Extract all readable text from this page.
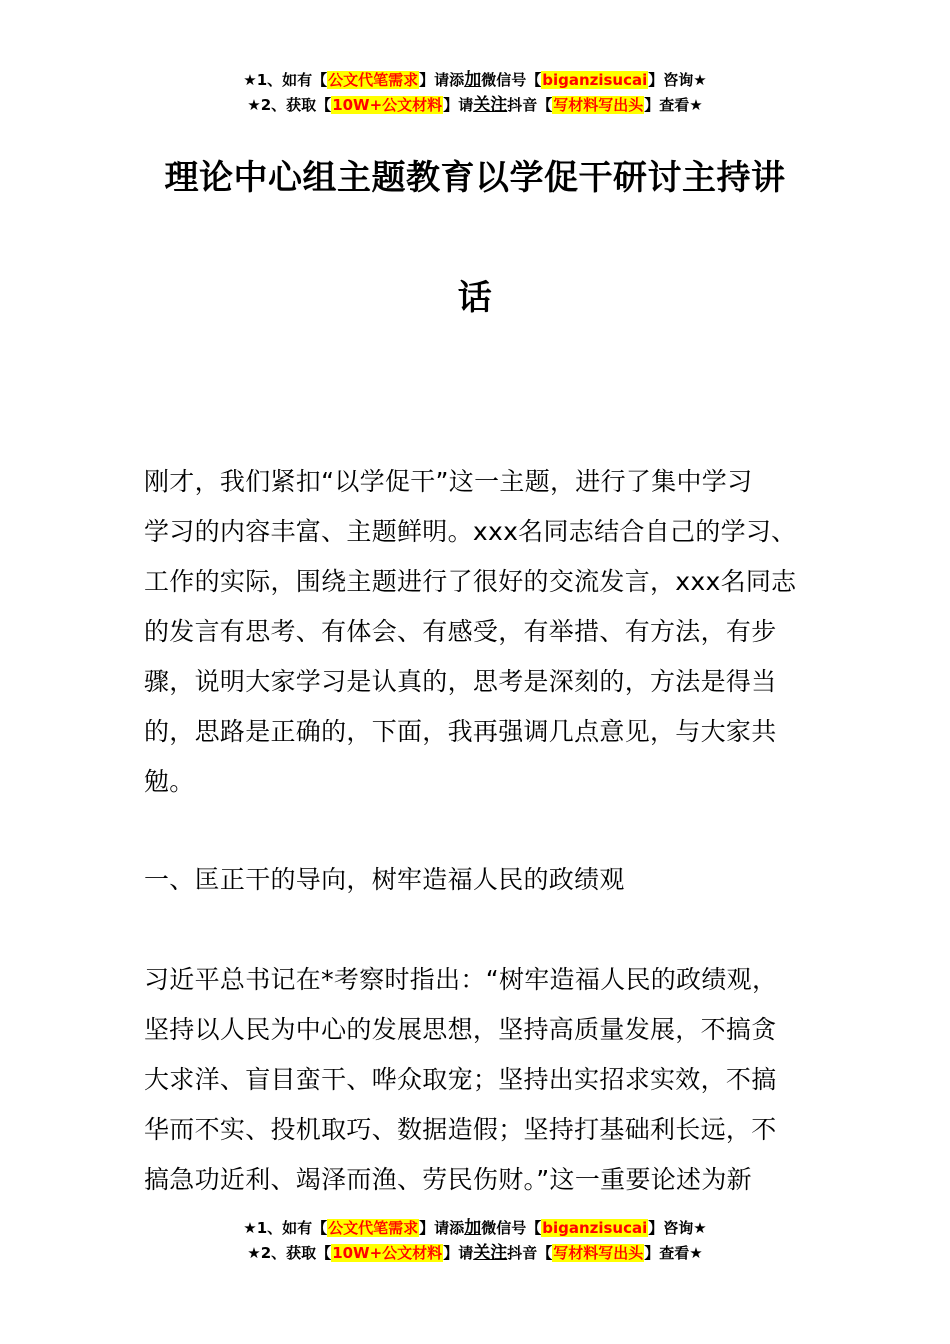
★1、如有【公文代笔需求】请添加微信号【biganzisucai】咨询★
★2、获取【10W+公文材料】请关注抖音【写材料写出头】查看★
理论中心组主题教育以学促干研讨主持讲
话
刚才，我们紧扣“以学促干”这一主题，进行了集中学习
学习的内容丰富、主题鲜明。xxx名同志结合自己的学习、
工作的实际，围绕主题进行了很好的交流发言，xxx名同志
的发言有思考、有体会、有感受，有举措、有方法，有步
骤，说明大家学习是认真的，思考是深刻的，方法是得当
的，思路是正确的，下面，我再强调几点意见，与大家共
勉。
一、匡正干的导向，树牢造福人民的政绩观
习近平总书记在*考察时指出：“树牢造福人民的政绩观，
坚持以人民为中心的发展思想，坚持高质量发展，不搞贪
大求洋、盲目蛮干、哗众取宠；坚持出实招求实效，不搞
华而不实、投机取巧、数据造假；坚持打基础利长远，不
搞急功近利、竭泽而渔、劳民伤财。”这一重要论述为新
★1、如有【公文代笔需求】请添加微信号【biganzisucai】咨询★
★2、获取【10W+公文材料】请关注抖音【写材料写出头】查看★
